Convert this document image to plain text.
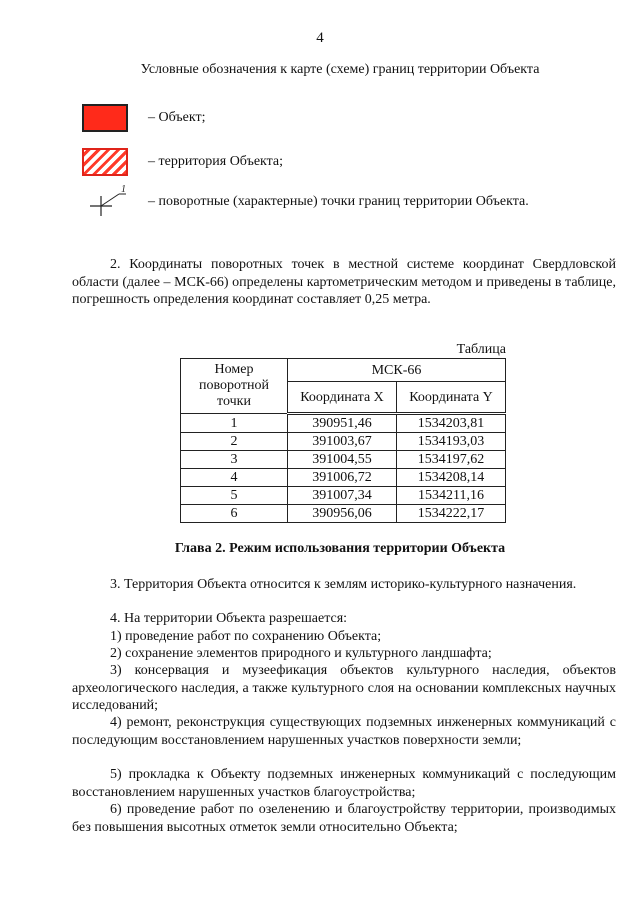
4
Условные обозначения к карте (схеме) границ территории Объекта
– Объект;
– территория Объекта;
1
– поворотные (характерные) точки границ территории Объекта.
2. Координаты поворотных точек в местной системе координат Свердловской области (далее – МСК-66) определены картометрическим методом и приведены в таблице, погрешность определения координат составляет 0,25 метра.
Таблица
Номер поворотной точки	МСК-66	
	Координата X	Координата Y
1	390951,46	1534203,81
2	391003,67	1534193,03
3	391004,55	1534197,62
4	391006,72	1534208,14
5	391007,34	1534211,16
6	390956,06	1534222,17
Глава 2. Режим использования территории Объекта
3. Территория Объекта относится к землям историко-культурного назначения.
4. На территории Объекта разрешается:
1) проведение работ по сохранению Объекта;
2) сохранение элементов природного и культурного ландшафта;
3) консервация и музеефикация объектов культурного наследия, объектов археологического наследия, а также культурного слоя на основании комплексных научных исследований;
4) ремонт, реконструкция существующих подземных инженерных коммуникаций с последующим восстановлением нарушенных участков поверхности земли;
5) прокладка к Объекту подземных инженерных коммуникаций с последующим восстановлением нарушенных участков благоустройства;
6) проведение работ по озеленению и благоустройству территории, производимых без повышения высотных отметок земли относительно Объекта;
